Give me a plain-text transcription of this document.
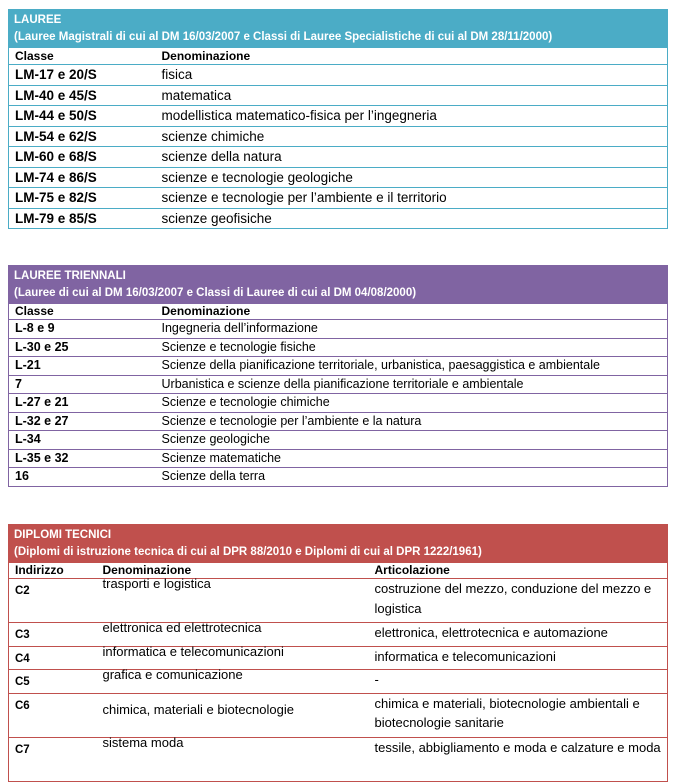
LAUREE
(Lauree Magistrali di cui al DM 16/03/2007 e Classi di Lauree Specialistiche di cui al DM 28/11/2000)
Classe	Denominazione
LM-17 e 20/S	fisica
LM-40 e 45/S	matematica
LM-44 e 50/S	modellistica matematico-fisica per l’ingegneria
LM-54 e 62/S	scienze chimiche
LM-60 e 68/S	scienze della natura
LM-74 e 86/S	scienze e tecnologie geologiche
LM-75 e 82/S	scienze e tecnologie per l’ambiente e il territorio
LM-79 e 85/S	scienze geofisiche
LAUREE TRIENNALI
(Lauree di cui al DM 16/03/2007 e Classi di Lauree di cui al DM 04/08/2000)
Classe	Denominazione
L-8 e 9	Ingegneria dell’informazione
L-30 e 25	Scienze e tecnologie fisiche
L-21	Scienze della pianificazione territoriale, urbanistica, paesaggistica e ambientale
7	Urbanistica e scienze della pianificazione territoriale e ambientale
L-27 e 21	Scienze e tecnologie chimiche
L-32 e 27	Scienze e tecnologie per l’ambiente e la natura
L-34	Scienze geologiche
L-35 e 32	Scienze matematiche
16	Scienze della terra
DIPLOMI TECNICI
(Diplomi di istruzione tecnica di cui al DPR 88/2010 e Diplomi di cui al DPR 1222/1961)
Indirizzo	Denominazione	Articolazione
C2	trasporti e logistica	costruzione del mezzo, conduzione del mezzo e logistica
C3	elettronica ed elettrotecnica	elettronica, elettrotecnica e automazione
C4	informatica e telecomunicazioni	informatica e telecomunicazioni
C5	grafica e comunicazione	-
C6	chimica, materiali e biotecnologie	chimica e materiali, biotecnologie ambientali e biotecnologie sanitarie
C7	sistema moda	tessile, abbigliamento e moda e calzature e moda
